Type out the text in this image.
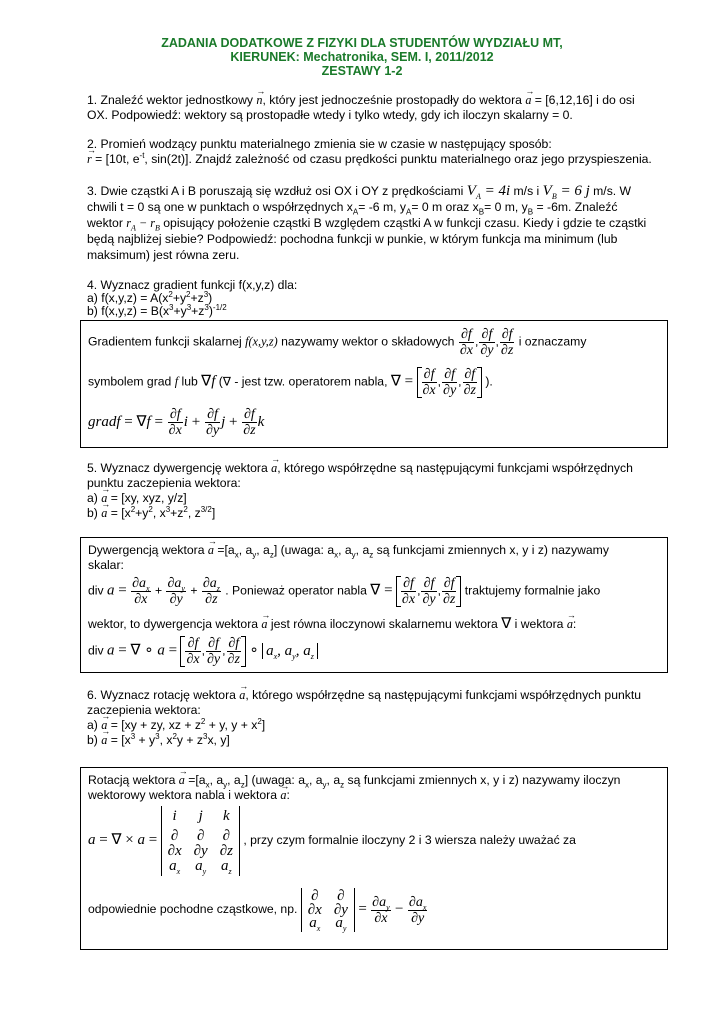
ZADANIA DODATKOWE Z FIZYKI DLA STUDENTÓW WYDZIAŁU MT,
KIERUNEK: Mechatronika, SEM. I, 2011/2012
ZESTAWY 1-2
1. Znaleźć wektor jednostkowy → n, który jest jednocześnie prostopadły do wektora → a = [6,12,16] i do osi
OX. Podpowiedź: wektory są prostopadłe wtedy i tylko wtedy, gdy ich iloczyn skalarny = 0.
2. Promień wodzący punktu materialnego zmienia sie w czasie w następujący sposób:
→ r = [10t, $e^{-t}$, sin(2t)]. Znajdź zależność od czasu prędkości punktu materialnego oraz jego przyspieszenia.
3. Dwie cząstki A i B poruszają się wzdłuż osi OX i OY z prędkościami $V_A = 4i$ m/s i $V_B = 6$ j m/s. W
chwili t = 0 są one w punktach o współrzędnych $x_A= -6$ m, $y_A= 0$ m oraz $x_B= 0$ m, $y_B = -6m$. Znaleźć
wektor $r_A - r_B$ opisujący położenie cząstki B względem cząstki A w funkcji czasu. Kiedy i gdzie te cząstki
będą najbliżej siebie? Podpowiedź: pochodna funkcji w punkie, w którym funkcja ma minimum (lub
maksimum) jest równa zeru.
4. Wyznacz gradient funkcji f(x,y,z) dla:
a) $f(x,y,z) = A(x^2+y^2+z^3)$
b) $f(x,y,z) = B(x^3+y^3+z^3)^{-1/2}$
Gradientem funkcji skalarnej f(x,y,z) nazywamy wektor o składowych $\frac{\partial f}{\partial x}$ , $\frac{\partial f}{\partial y}$ , $\frac{\partial f}{\partial z}$ i oznaczamy
symbolem grad f lub ∇f (∇ - jest tzw. operatorem nabla, ∇ = $\frac{\partial f}{\partial x}$ , $\frac{\partial f}{\partial y}$ , $\frac{\partial f}{\partial z}$ ).
gradf = $\nabla f = \frac{\partial f}{\partial x}$ $i + \frac{\partial f}{\partial y}$ $j + \frac{\partial f}{\partial z}$ k
5. Wyznacz dywergencję wektora → a, którego współrzędne są następującymi funkcjami współrzędnych
punktu zaczepienia wektora:
a) → a = [xy, xyz, y/z]
$b) \to a = [x^2+y^2$, $x^3+z^2$, $z^{3/2}$]
Dywergencją wektora → $a =[a_x$, $a_y$, $a_z$] (uwaga: $a_x$, $a_y$, $a_z$ są funkcjami zmiennych x, y i z) nazywamy
skalar:
div $a = \frac{\partial a_x}{\partial x} + \frac{\partial a_y}{\partial y} + \frac{\partial a_z}{\partial z}$ . Ponieważ operator nabla ∇ = $\frac{\partial f}{\partial x}$ , $\frac{\partial f}{\partial y}$ , $\frac{\partial f}{\partial z}$ traktujemy formalnie jako
wektor, to dywergencja wektora → a jest równa iloczynowi skalarnemu wektora ∇ i wektora → a:
div a = ∇ ∘ $a = \frac{\partial f}{\partial x}$ , $\frac{\partial f}{\partial y}$ , $\frac{\partial f}{\partial z}$ ∘ $a_x$, $a_y$, $a_z$
6. Wyznacz rotację wektora → a, którego współrzędne są następującymi funkcjami współrzędnych punktu
zaczepienia wektora:
a) → a = [xy + zy, xz + $z^2 + y$, $y + x^2$]
$b) \to a = [x^3 + y^3$, $x^2y + z^3x$, y]
Rotacją wektora → $a =[a_x$, $a_y$, $a_z$] (uwaga: $a_x$, $a_y$, $a_z$ są funkcjami zmiennych x, y i z) nazywamy iloczyn
wektorowy wektora nabla i wektora → a:
a = ∇ × a =
i	j	k
∂ ∂ ∂
∂x ∂y ∂z
$a_x$ $a_y$ $a_z$
, przy czym formalnie iloczyny 2 i 3 wiersza należy uważać za
odpowiednie pochodne cząstkowe, np.
∂ ∂
∂x ∂y
$a_x$ $a_y$
= $\frac{\partial a_y}{\partial x} - \frac{\partial a_x}{\partial y}$
